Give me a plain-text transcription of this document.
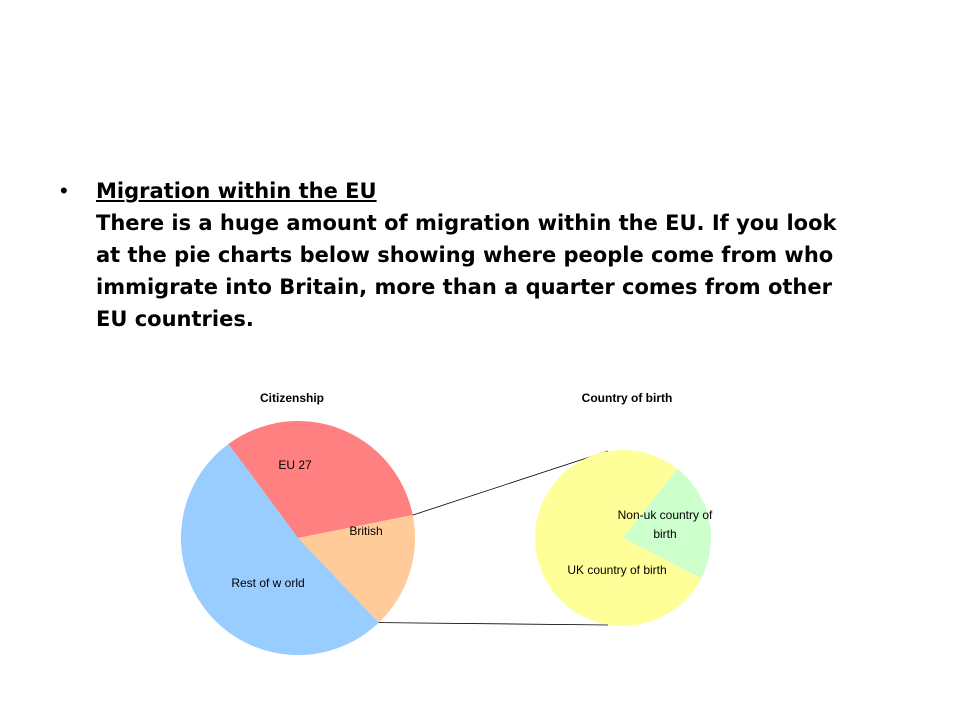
• Migration within the EU
There is a huge amount of migration within the EU. If you look at the pie charts below showing where people come from who immigrate into Britain, more than a quarter comes from other EU countries.
EU 27
British
Rest of w orld
Non-uk country of birth
UK country of birth
Citizenship	Country of birth
